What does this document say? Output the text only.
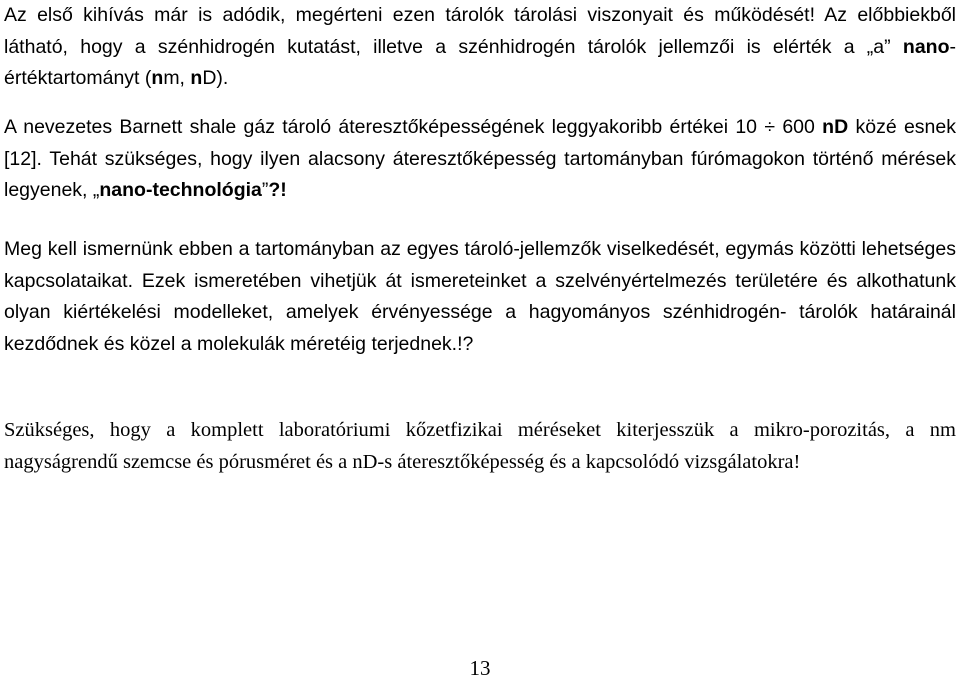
Az első kihívás már is adódik, megérteni ezen tárolók tárolási viszonyait és működését! Az előbbiekből látható, hogy a szénhidrogén kutatást, illetve a szénhidrogén tárolók jellemzői is elérték a „a” nano-értéktartományt (nm, nD).

A nevezetes Barnett shale gáz tároló áteresztőképességének leggyakoribb értékei 10 ÷ 600 nD közé esnek [12]. Tehát szükséges, hogy ilyen alacsony áteresztőképesség tartományban fúrómagokon történő mérések legyenek, „nano-technológia”?!

Meg kell ismernünk ebben a tartományban az egyes tároló-jellemzők viselkedését, egymás közötti lehetséges kapcsolataikat. Ezek ismeretében vihetjük át ismereteinket a szelvényértelmezés területére és alkothatunk olyan kiértékelési modelleket, amelyek érvényessége a hagyományos szénhidrogén- tárolók határainál kezdődnek és közel a molekulák méretéig terjednek.!?

Szükséges, hogy a komplett laboratóriumi kőzetfizikai méréseket kiterjesszük a mikro-porozitás, a nm nagyságrendű szemcse és pórusméret és a nD-s áteresztőképesség és a kapcsolódó vizsgálatokra!

13
